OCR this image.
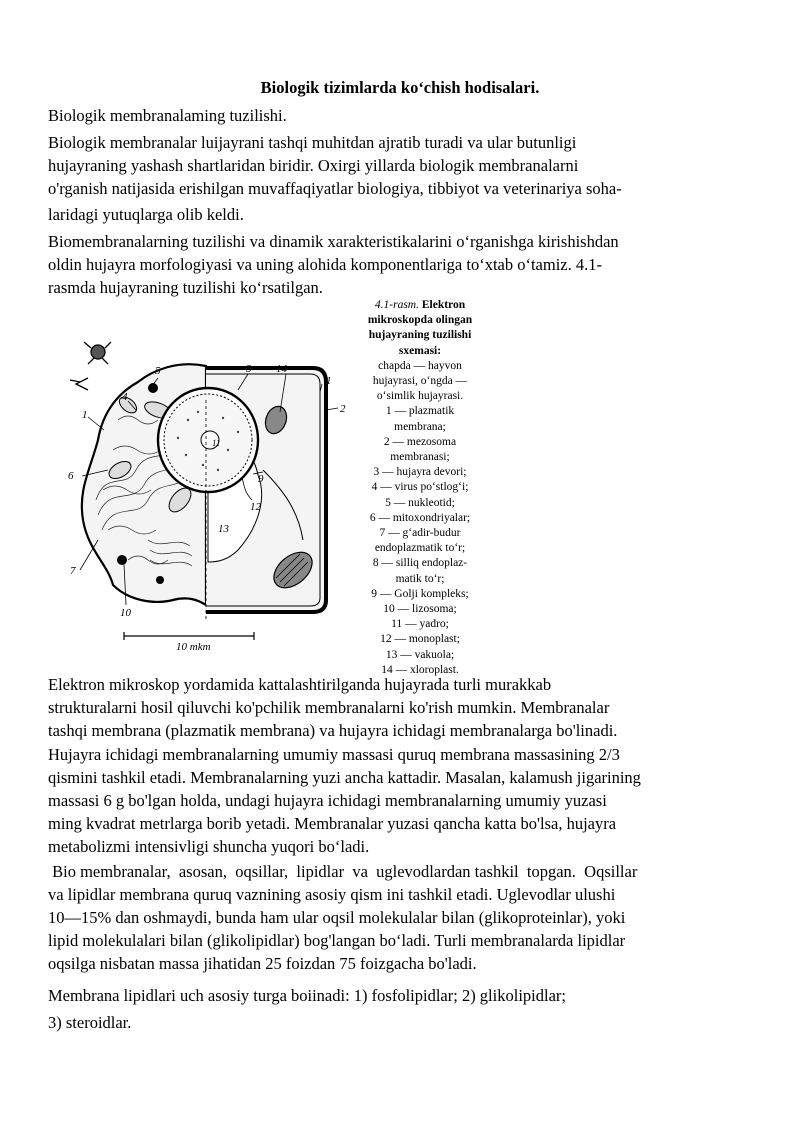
Biologik tizimlarda ko‘chish hodisalari.
Biologik membranalaming tuzilishi.
Biologik membranalar luijayrani tashqi muhitdan ajratib turadi va ular butunligi
hujayraning yashash shartlaridan biridir. Oxirgi yillarda biologik membranalarni
o'rganish natijasida erishilgan muvaffaqiyatlar biologiya, tibbiyot va veterinariya soha-
laridagi yutuqlarga olib keldi.
Biomembranalarning tuzilishi va dinamik xarakteristikalarini o‘rganishga kirishishdan
oldin hujayra morfologiyasi va uning alohida komponentlariga to‘xtab o‘tamiz. 4.1-
rasmda hujayraning tuzilishi ko‘rsatilgan.
5	3 14
1
4
2
1
11
6	9
12
13
7
10
10 mkm
4.1-rasm. Elektron
mikroskopda olingan
hujayraning tuzilishi
sxemasi:
chapda — hayvon
hujayrasi, o‘ngda —
o‘simlik hujayrasi.
1 — plazmatik
membrana;
2 — mezosoma
membranasi;
3 — hujayra devori;
4 — virus po‘stlog‘i;
5 — nukleotid;
6 — mitoxondriyalar;
7 — g‘adir-budur
endoplazmatik to‘r;
8 — silliq endoplaz-
matik to‘r;
9 — Golji kompleks;
10 — lizosoma;
11 — yadro;
12 — monoplast;
13 — vakuola;
14 — xloroplast.
Elektron mikroskop yordamida kattalashtirilganda hujayrada turli murakkab
strukturalarni hosil qiluvchi ko'pchilik membranalarni ko'rish mumkin. Membranalar
tashqi membrana (plazmatik membrana) va hujayra ichidagi membranalarga bo'linadi.
Hujayra ichidagi membranalarning umumiy massasi quruq membrana massasining 2/3
qismini tashkil etadi. Membranalarning yuzi ancha kattadir. Masalan, kalamush jigarining
massasi 6 g bo'lgan holda, undagi hujayra ichidagi membranalarning umumiy yuzasi
ming kvadrat metrlarga borib yetadi. Membranalar yuzasi qancha katta bo'lsa, hujayra
metabolizmi intensivligi shuncha yuqori bo‘ladi.
Bio membranalar,  asosan,  oqsillar,  lipidlar  va  uglevodlardan tashkil  topgan.  Oqsillar
va lipidlar membrana quruq vaznining asosiy qism ini tashkil etadi. Uglevodlar ulushi
10—15% dan oshmaydi, bunda ham ular oqsil molekulalar bilan (glikoproteinlar), yoki
lipid molekulalari bilan (glikolipidlar) bog'langan bo‘ladi. Turli membranalarda lipidlar
oqsilga nisbatan massa jihatidan 25 foizdan 75 foizgacha bo'ladi.
Membrana lipidlari uch asosiy turga boiinadi: 1) fosfolipidlar; 2) glikolipidlar;
3) steroidlar.
